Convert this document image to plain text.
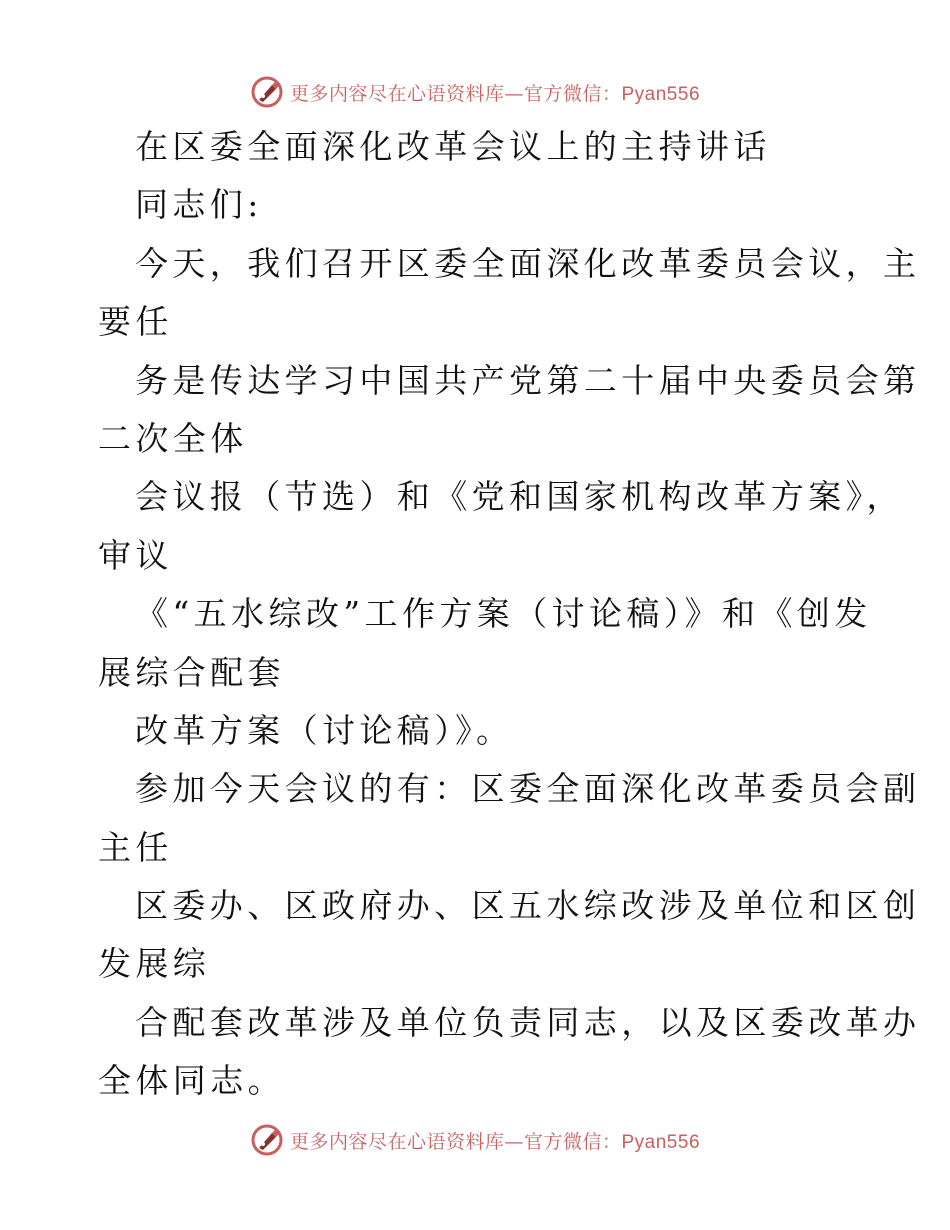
更多内容尽在心语资料库—官方微信：Pyan556
在区委全面深化改革会议上的主持讲话
同志们:
今天，我们召开区委全面深化改革委员会议，主
要任
务是传达学习中国共产党第二十届中央委员会第
二次全体
会议报（节选）和《党和国家机构改革方案》，
审议
《“五水综改”工作方案（讨论稿）》和《创发
展综合配套
改革方案（讨论稿）》。
参加今天会议的有：区委全面深化改革委员会副
主任
区委办、区政府办、区五水综改涉及单位和区创
发展综
合配套改革涉及单位负责同志，以及区委改革办
全体同志。
更多内容尽在心语资料库—官方微信：Pyan556
